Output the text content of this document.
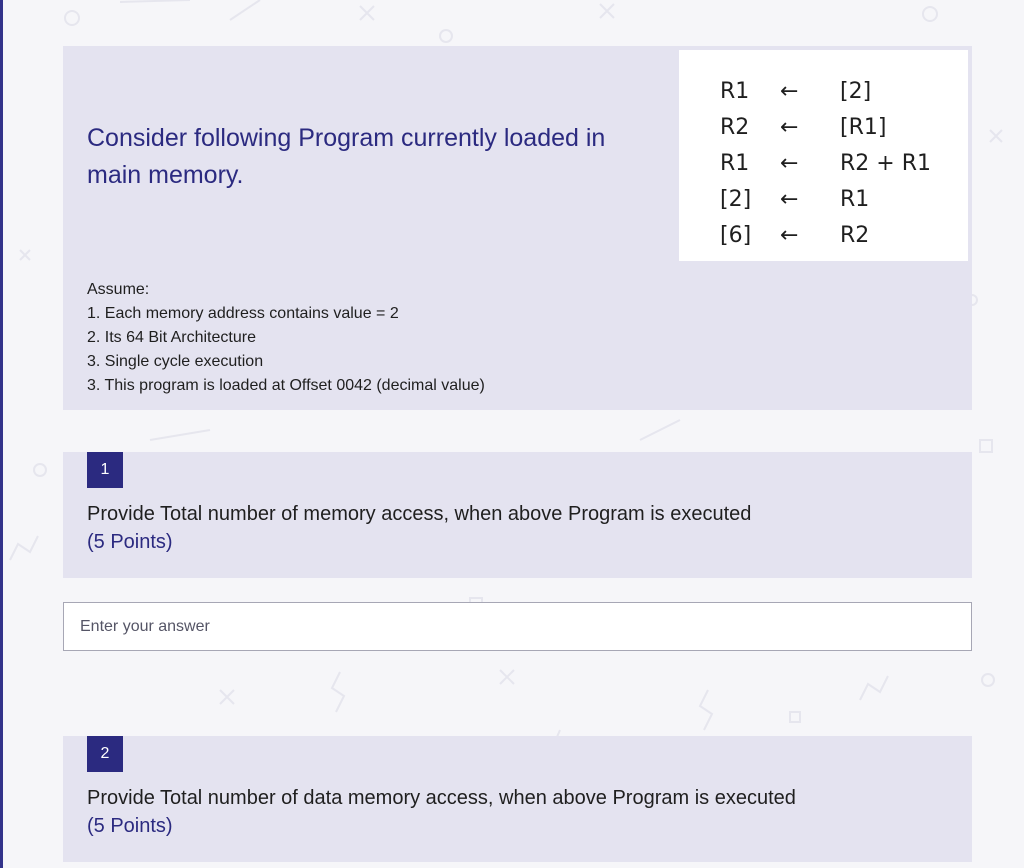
Consider following Program currently loaded in main memory.
R1	←	[2]
R2	←	[R1]
R1	←	R2 + R1
[2]	←	R1
[6]	←	R2
Assume:
1. Each memory address contains value = 2
2. Its 64 Bit Architecture
3. Single cycle execution
3. This program is loaded at Offset 0042 (decimal value)
1

Provide Total number of memory access, when above Program is executed
(5 Points)

Enter your answer
2

Provide Total number of data memory access, when above Program is executed
(5 Points)
